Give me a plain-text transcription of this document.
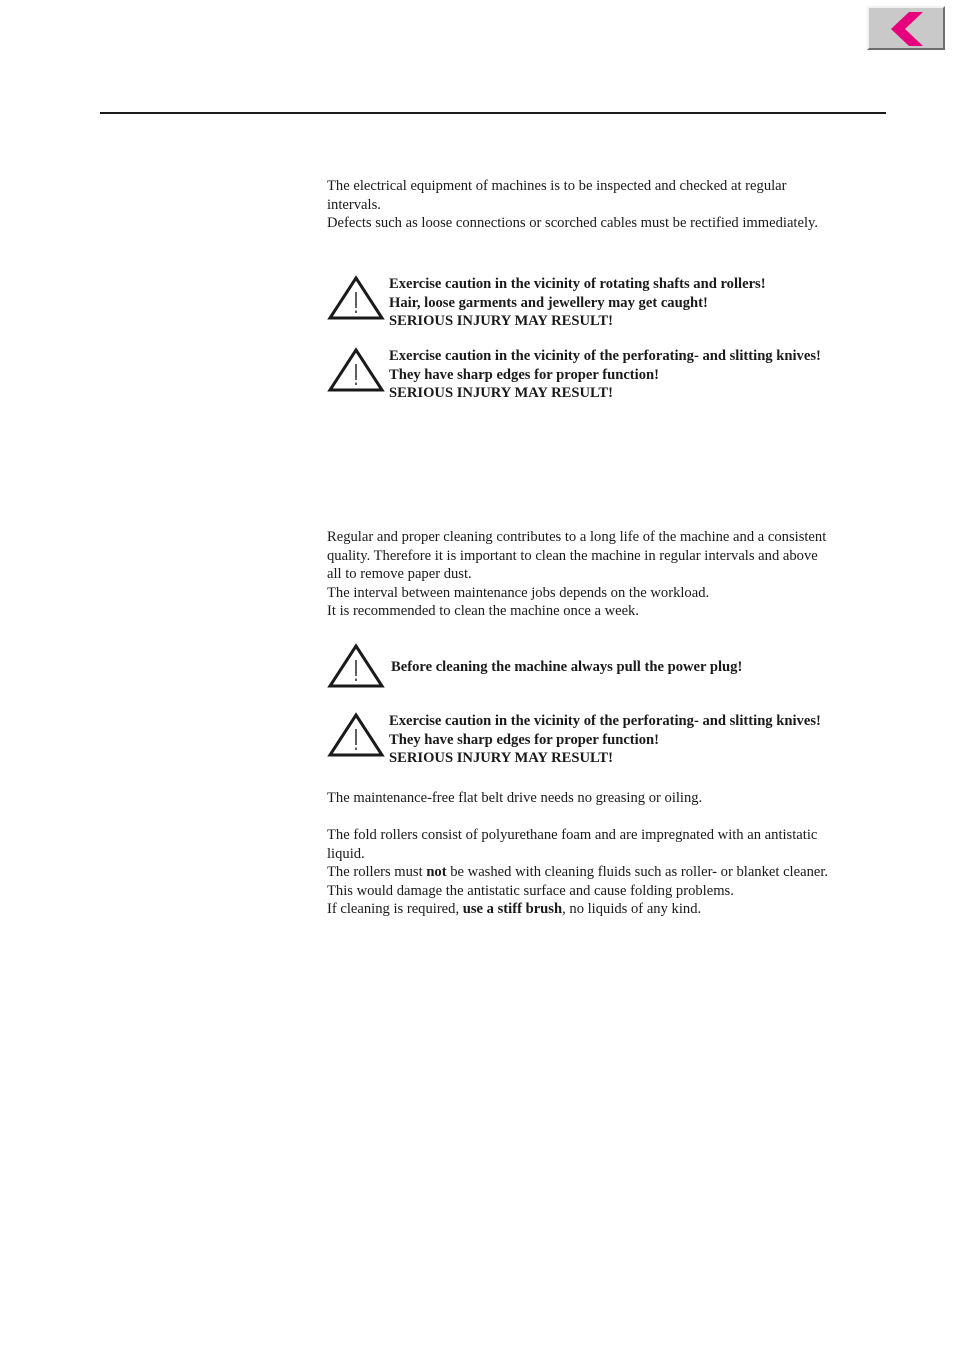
The electrical equipment of machines is to be inspected and checked at regular
intervals.
Defects such as loose connections or scorched cables must be rectified immediately.

Exercise caution in the vicinity of rotating shafts and rollers!
Hair, loose garments and jewellery may get caught!
SERIOUS INJURY MAY RESULT!
Exercise caution in the vicinity of the perforating- and slitting knives!
They have sharp edges for proper function!
SERIOUS INJURY MAY RESULT!

Regular and proper cleaning contributes to a long life of the machine and a consistent
quality. Therefore it is important to clean the machine in regular intervals and above
all to remove paper dust.
The interval between maintenance jobs depends on the workload.
It is recommended to clean the machine once a week.

Before cleaning the machine always pull the power plug!
Exercise caution in the vicinity of the perforating- and slitting knives!
They have sharp edges for proper function!
SERIOUS INJURY MAY RESULT!

The maintenance-free flat belt drive needs no greasing or oiling.

The fold rollers consist of polyurethane foam and are impregnated with an antistatic
liquid.
The rollers must not be washed with cleaning fluids such as roller- or blanket cleaner.
This would damage the antistatic surface and cause folding problems.
If cleaning is required, use a stiff brush, no liquids of any kind.
